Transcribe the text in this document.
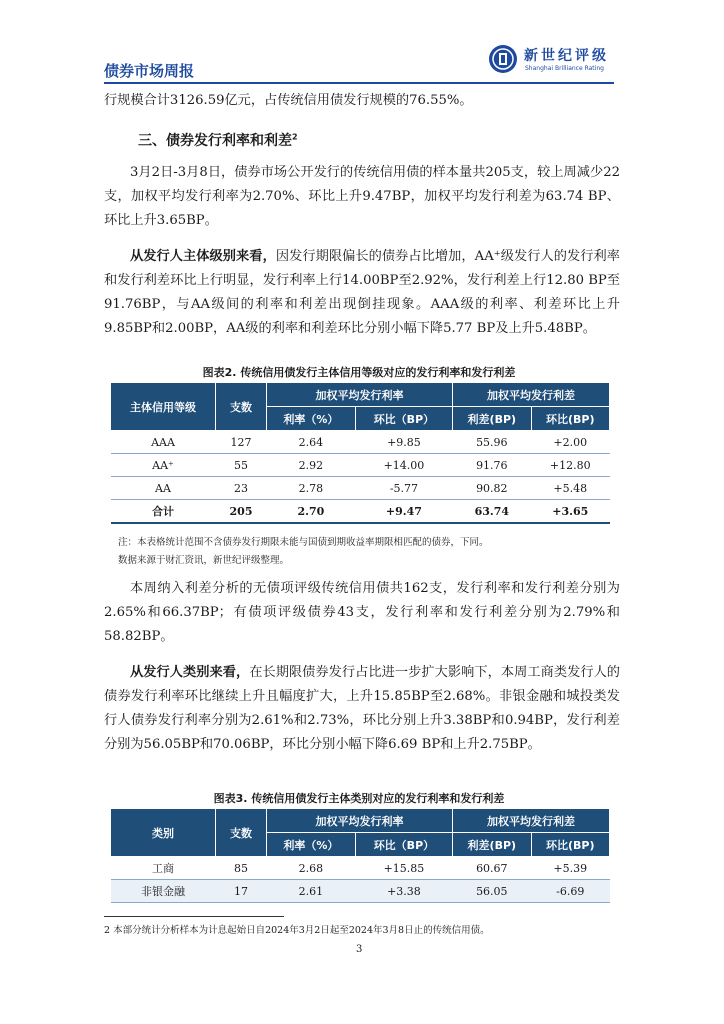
债券市场周报
新世纪评级
Shanghai Brilliance Rating
行规模合计3126.59亿元，占传统信用债发行规模的76.55%。
三、债券发行利率和利差$^2$
3月2日-3月8日，债券市场公开发行的传统信用债的样本量共205支，较上周减少22支，加权平均发行利率为2.70%、环比上升9.47BP，加权平均发行利差为63.74 BP、环比上升3.65BP。
从发行人主体级别来看，因发行期限偏长的债券占比增加，AA⁺级发行人的发行利率和发行利差环比上行明显，发行利率上行14.00BP至2.92%，发行利差上行12.80 BP至91.76BP，与AA级间的利率和利差出现倒挂现象。AAA级的利率、利差环比上升9.85BP和2.00BP，AA级的利率和利差环比分别小幅下降5.77 BP及上升5.48BP。
图表2. 传统信用债发行主体信用等级对应的发行利率和发行利差
主体信用等级	支数	加权平均发行利率		加权平均发行利差	
		利率（%）	环比（BP）	利差(BP)	环比(BP)
AAA	127	2.64	+9.85	55.96	+2.00
AA⁺	55	2.92	+14.00	91.76	+12.80
AA	23	2.78	-5.77	90.82	+5.48
合计	205	2.70	+9.47	63.74	+3.65
注：本表格统计范围不含债券发行期限未能与国债到期收益率期限相匹配的债券，下同。
数据来源于财汇资讯，新世纪评级整理。
本周纳入利差分析的无债项评级传统信用债共162支，发行利率和发行利差分别为2.65%和66.37BP；有债项评级债券43支，发行利率和发行利差分别为2.79%和58.82BP。
从发行人类别来看，在长期限债券发行占比进一步扩大影响下，本周工商类发行人的债券发行利率环比继续上升且幅度扩大，上升15.85BP至2.68%。非银金融和城投类发行人债券发行利率分别为2.61%和2.73%，环比分别上升3.38BP和0.94BP，发行利差分别为56.05BP和70.06BP，环比分别小幅下降6.69 BP和上升2.75BP。
图表3. 传统信用债发行主体类别对应的发行利率和发行利差
类别	支数	加权平均发行利率		加权平均发行利差	
		利率（%）	环比（BP）	利差(BP)	环比(BP)
工商	85	2.68	+15.85	60.67	+5.39
非银金融	17	2.61	+3.38	56.05	-6.69
2 本部分统计分析样本为计息起始日自2024年3月2日起至2024年3月8日止的传统信用债。
3
